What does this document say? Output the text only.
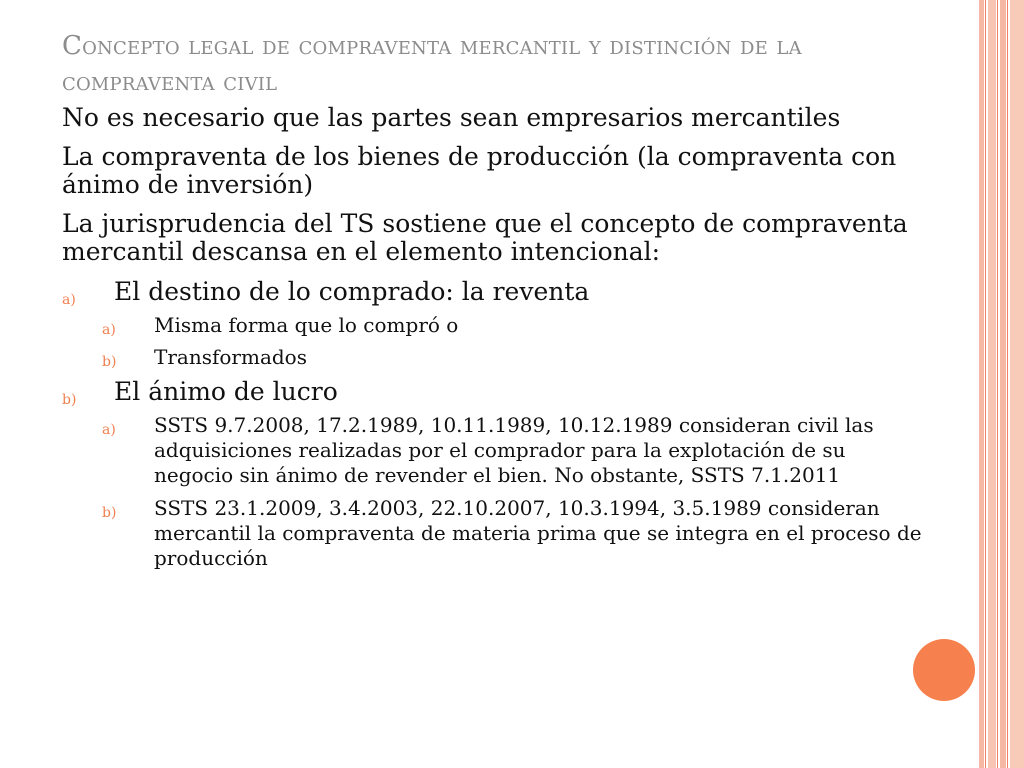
Concepto legal de compraventa mercantil y distinción de la compraventa civil

No es necesario que las partes sean empresarios mercantiles

La compraventa de los bienes de producción (la compraventa con ánimo de inversión)

La jurisprudencia del TS sostiene que el concepto de compraventa mercantil descansa en el elemento intencional:

a) El destino de lo comprado: la reventa
a) Misma forma que lo compró o
b) Transformados
b) El ánimo de lucro
a) SSTS 9.7.2008, 17.2.1989, 10.11.1989, 10.12.1989 consideran civil las adquisiciones realizadas por el comprador para la explotación de su negocio sin ánimo de revender el bien. No obstante, SSTS 7.1.2011
b) SSTS 23.1.2009, 3.4.2003, 22.10.2007, 10.3.1994, 3.5.1989 consideran mercantil la compraventa de materia prima que se integra en el proceso de producción
